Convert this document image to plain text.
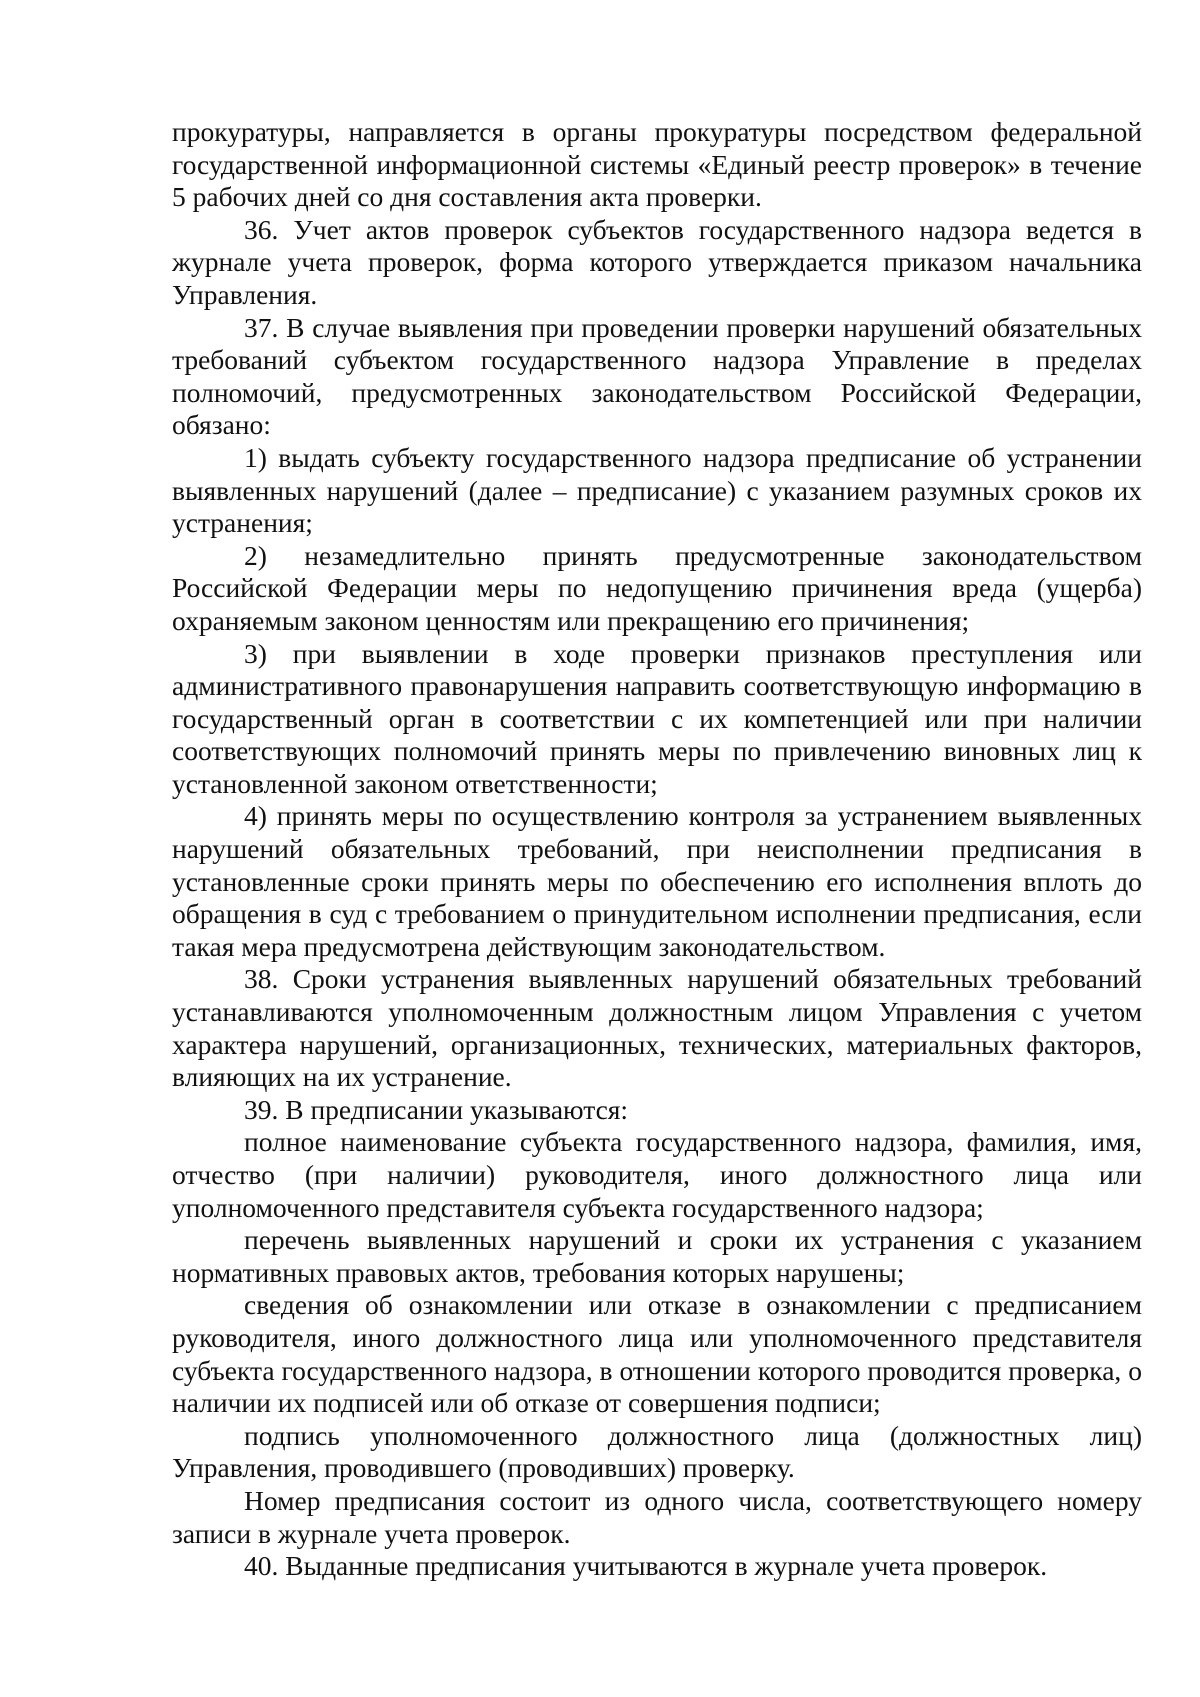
прокуратуры, направляется в органы прокуратуры посредством федеральной государственной информационной системы «Единый реестр проверок» в течение 5 рабочих дней со дня составления акта проверки.

36. Учет актов проверок субъектов государственного надзора ведется в журнале учета проверок, форма которого утверждается приказом начальника Управления.

37. В случае выявления при проведении проверки нарушений обязательных требований субъектом государственного надзора Управление в пределах полномочий, предусмотренных законодательством Российской Федерации, обязано:

1) выдать субъекту государственного надзора предписание об устранении выявленных нарушений (далее – предписание) с указанием разумных сроков их устранения;

2) незамедлительно принять предусмотренные законодательством Российской Федерации меры по недопущению причинения вреда (ущерба) охраняемым законом ценностям или прекращению его причинения;

3) при выявлении в ходе проверки признаков преступления или административного правонарушения направить соответствующую информацию в государственный орган в соответствии с их компетенцией или при наличии соответствующих полномочий принять меры по привлечению виновных лиц к установленной законом ответственности;

4) принять меры по осуществлению контроля за устранением выявленных нарушений обязательных требований, при неисполнении предписания в установленные сроки принять меры по обеспечению его исполнения вплоть до обращения в суд с требованием о принудительном исполнении предписания, если такая мера предусмотрена действующим законодательством.

38. Сроки устранения выявленных нарушений обязательных требований устанавливаются уполномоченным должностным лицом Управления с учетом характера нарушений, организационных, технических, материальных факторов, влияющих на их устранение.

39. В предписании указываются:

полное наименование субъекта государственного надзора, фамилия, имя, отчество (при наличии) руководителя, иного должностного лица или уполномоченного представителя субъекта государственного надзора;

перечень выявленных нарушений и сроки их устранения с указанием нормативных правовых актов, требования которых нарушены;

сведения об ознакомлении или отказе в ознакомлении с предписанием руководителя, иного должностного лица или уполномоченного представителя субъекта государственного надзора, в отношении которого проводится проверка, о наличии их подписей или об отказе от совершения подписи;

подпись уполномоченного должностного лица (должностных лиц) Управления, проводившего (проводивших) проверку.

Номер предписания состоит из одного числа, соответствующего номеру записи в журнале учета проверок.

40. Выданные предписания учитываются в журнале учета проверок.
